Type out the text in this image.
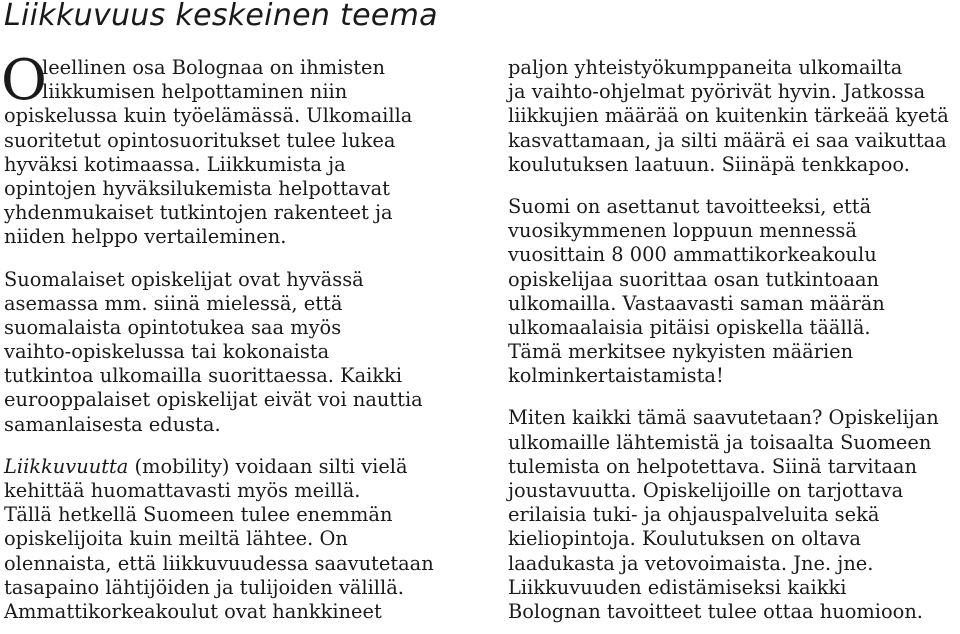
Liikkuvuus keskeinen teema
O
leellinen osa Bolognaa on ihmisten
liikkumisen helpottaminen niin
opiskelussa kuin työelämässä. Ulkomailla
suoritetut opintosuoritukset tulee lukea
hyväksi kotimaassa. Liikkumista ja
opintojen hyväksilukemista helpottavat
yhdenmukaiset tutkintojen rakenteet ja
niiden helppo vertaileminen.
Suomalaiset opiskelijat ovat hyvässä
asemassa mm. siinä mielessä, että
suomalaista opintotukea saa myös
vaihto-opiskelussa tai kokonaista
tutkintoa ulkomailla suorittaessa. Kaikki
eurooppalaiset opiskelijat eivät voi nauttia
samanlaisesta edusta.
Liikkuvuutta (mobility) voidaan silti vielä
kehittää huomattavasti myös meillä.
Tällä hetkellä Suomeen tulee enemmän
opiskelijoita kuin meiltä lähtee. On
olennaista, että liikkuvuudessa saavutetaan
tasapaino lähtijöiden ja tulijoiden välillä.
Ammattikorkeakoulut ovat hankkineet
paljon yhteistyökumppaneita ulkomailta
ja vaihto-ohjelmat pyörivät hyvin. Jatkossa
liikkujien määrää on kuitenkin tärkeää kyetä
kasvattamaan, ja silti määrä ei saa vaikuttaa
koulutuksen laatuun. Siinäpä tenkkapoo.
Suomi on asettanut tavoitteeksi, että
vuosikymmenen loppuun mennessä
vuosittain 8 000 ammattikorkeakoulu
opiskelijaa suorittaa osan tutkintoaan
ulkomailla. Vastaavasti saman määrän
ulkomaalaisia pitäisi opiskella täällä.
Tämä merkitsee nykyisten määrien
kolminkertaistamista!
Miten kaikki tämä saavutetaan? Opiskelijan
ulkomaille lähtemistä ja toisaalta Suomeen
tulemista on helpotettava. Siinä tarvitaan
joustavuutta. Opiskelijoille on tarjottava
erilaisia tuki- ja ohjauspalveluita sekä
kieliopintoja. Koulutuksen on oltava
laadukasta ja vetovoimaista. Jne. jne.
Liikkuvuuden edistämiseksi kaikki
Bolognan tavoitteet tulee ottaa huomioon.
